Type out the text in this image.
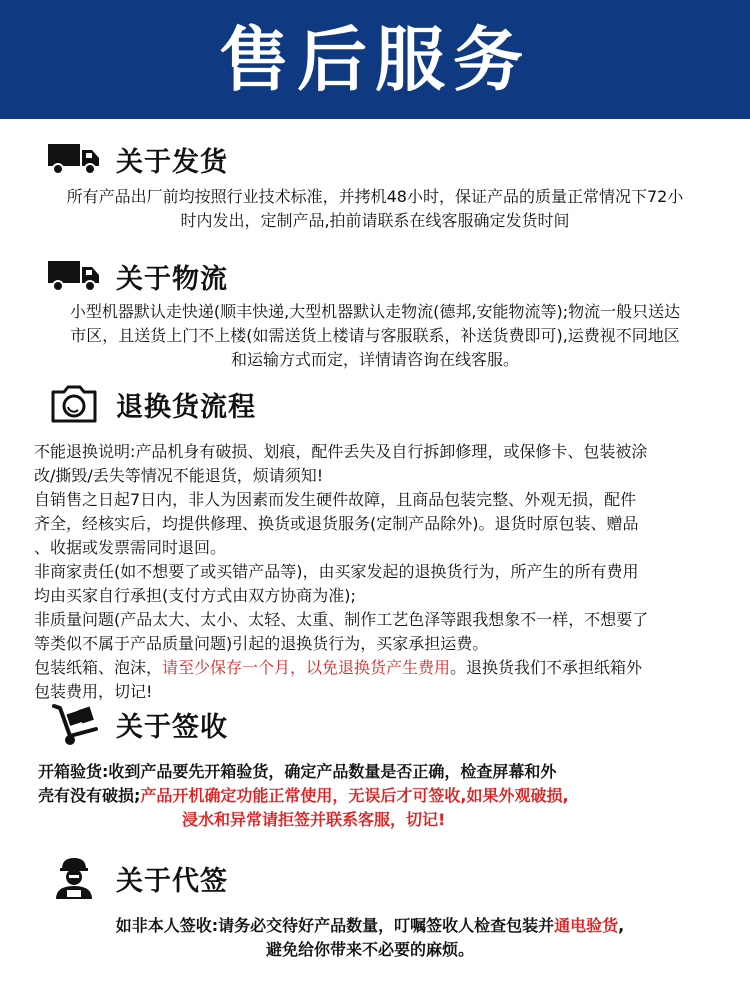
售后服务
关于发货
所有产品出厂前均按照行业技术标准，并拷机48小时，保证产品的质量正常情况下72小
时内发出，定制产品,拍前请联系在线客服确定发货时间
关于物流
小型机器默认走快递(顺丰快递,大型机器默认走物流(德邦,安能物流等);物流一般只送达
市区，且送货上门不上楼(如需送货上楼请与客服联系，补送货费即可),运费视不同地区
和运输方式而定，详情请咨询在线客服。
退换货流程
不能退换说明:产品机身有破损、划痕，配件丢失及自行拆卸修理，或保修卡、包装被涂
改/撕毁/丢失等情况不能退货，烦请须知!
自销售之日起7日内，非人为因素而发生硬件故障，且商品包装完整、外观无损，配件
齐全，经核实后，均提供修理、换货或退货服务(定制产品除外)。退货时原包装、赠品
、收据或发票需同时退回。
非商家责任(如不想要了或买错产品等)，由买家发起的退换货行为，所产生的所有费用
均由买家自行承担(支付方式由双方协商为准);
非质量问题(产品太大、太小、太轻、太重、制作工艺色泽等跟我想象不一样，不想要了
等类似不属于产品质量问题)引起的退换货行为，买家承担运费。
包装纸箱、泡沫，请至少保存一个月，以免退换货产生费用。退换货我们不承担纸箱外
包装费用，切记!
关于签收
开箱验货:收到产品要先开箱验货，确定产品数量是否正确，检查屏幕和外
壳有没有破损;产品开机确定功能正常使用，无误后才可签收,如果外观破损,
浸水和异常请拒签并联系客服，切记!
关于代签
如非本人签收:请务必交待好产品数量，叮嘱签收人检查包装并通电验货,
避免给你带来不必要的麻烦。
